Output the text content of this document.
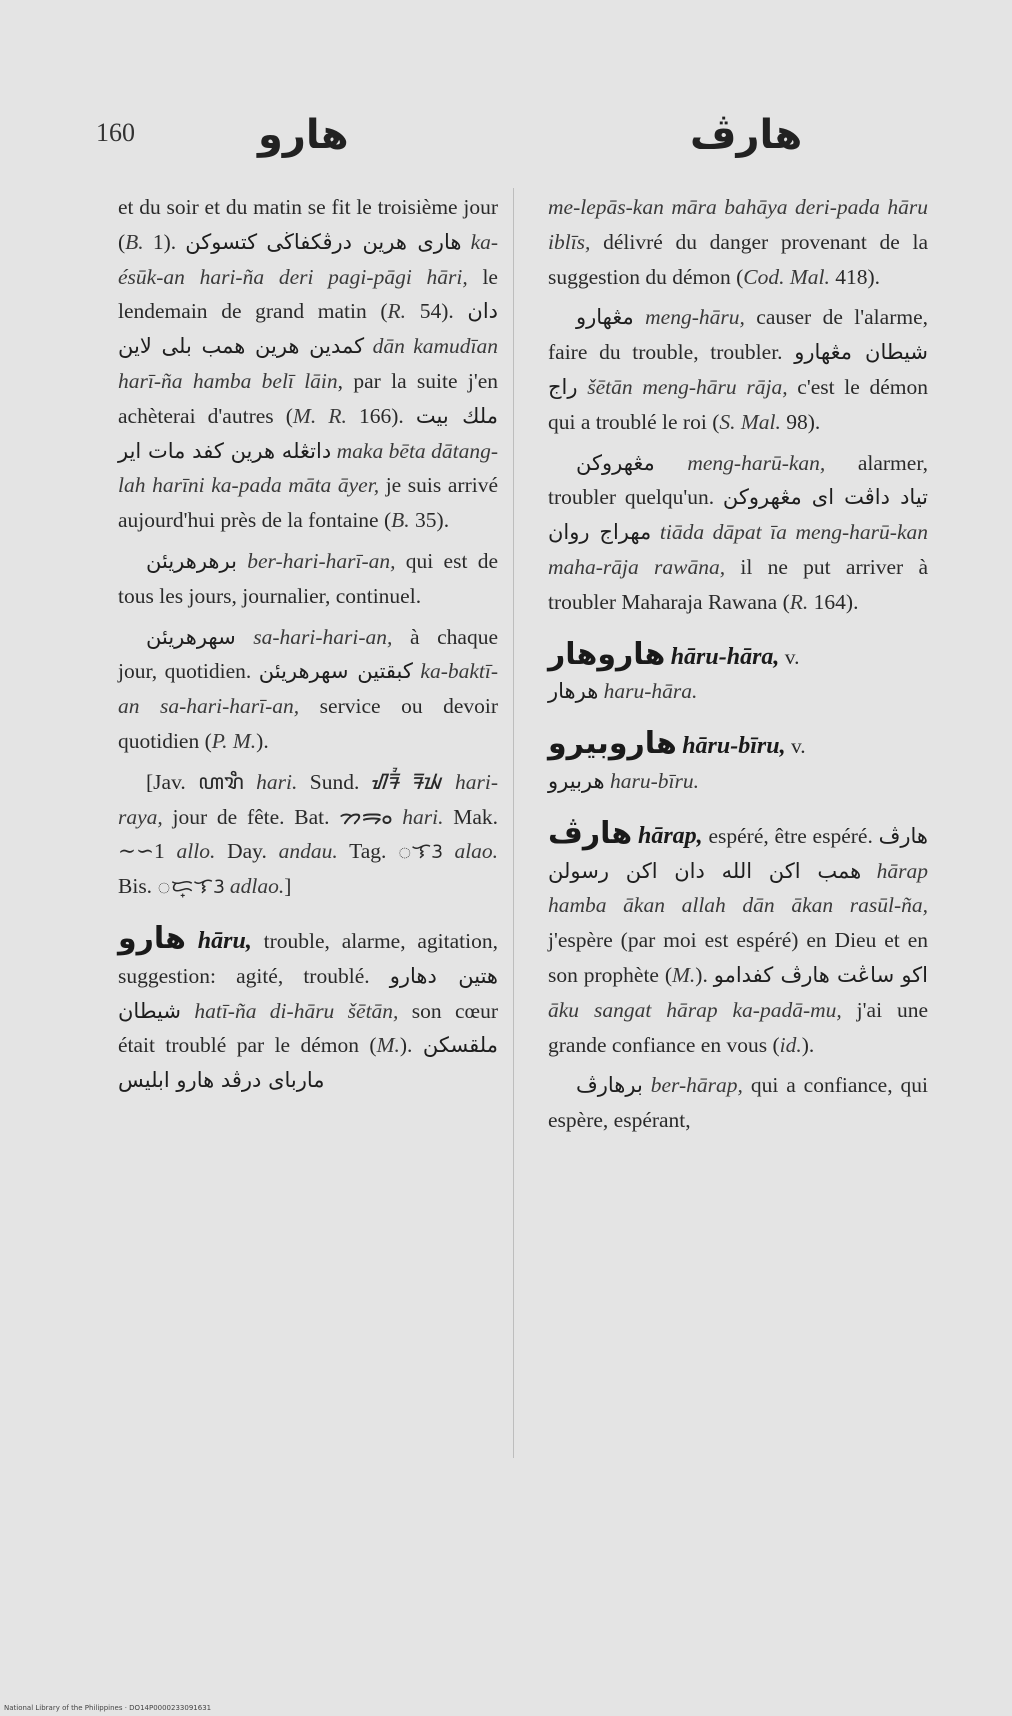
160	هارو	هارڤ

et du soir et du matin se fit le troisième jour (B. 1). كتسوكن هارى هرين درڤكفاڬى ka-ésūk-an hari-ña deri pagi-pāgi hāri, le lendemain de grand matin (R. 54). دان كمدين هرين همب بلى لاين dān kamudīan harī-ña hamba belī lāin, par la suite j'en achèterai d'autres (M. R. 166). ملك بيت داتڠله هرين كفد مات اير maka bēta dātang-lah harīni ka-pada māta āyer, je suis arrivé aujourd'hui près de la fontaine (B. 35).

برهرهريئن ber-hari-harī-an, qui est de tous les jours, journalier, continuel.

سهرهريئن sa-hari-hari-an, à chaque jour, quotidien. كبقتين سهرهريئن ka-baktī-an sa-hari-harī-an, service ou devoir quotidien (P. M.).

[Jav. ꦲꦫꦶ hari. Sund. ᮠᮛᮤ ᮛᮚ hari-raya, jour de fête. Bat. ᯂᯒᯪ hari. Mak. ∼∽1 allo. Day. andau. Tag. ᜀᜎᜂ alao. Bis. ᜀᜇ᜔ᜎᜂ adlao.]

هارو hāru, trouble, alarme, agitation, suggestion: agité, troublé. هتين دهارو شيطان hatī-ña di-hāru šētān, son cœur était troublé par le démon (M.). ملقسكن مارباى درڤد هارو ابليس

me-lepās-kan māra bahāya deri-pada hāru iblīs, délivré du danger provenant de la suggestion du démon (Cod. Mal. 418).

مڠهارو meng-hāru, causer de l'alarme, faire du trouble, troubler. شيطان مڠهارو راج šētān meng-hāru rāja, c'est le démon qui a troublé le roi (S. Mal. 98).

مڠهروكن meng-harū-kan, alarmer, troubler quelqu'un. تياد داڤت اى مڠهروكن مهراج روان tiāda dāpat īa meng-harū-kan maha-rāja rawāna, il ne put arriver à troubler Maharaja Rawana (R. 164).

هاروهار hāru-hāra, v.
هرهار haru-hāra.

هاروبيرو hāru-bīru, v.
هربيرو haru-bīru.

هارڤ hārap, espéré, être espéré. هارڤ همب اكن الله دان اكن رسولن hārap hamba ākan allah dān ākan rasūl-ña, j'espère (par moi est espéré) en Dieu et en son prophète (M.). اكو ساڠت هارڤ كفدامو āku sangat hārap ka-padā-mu, j'ai une grande confiance en vous (id.).

برهارڤ ber-hārap, qui a confiance, qui espère, espérant,

National Library of the Philippines · DO14P0000233091631
